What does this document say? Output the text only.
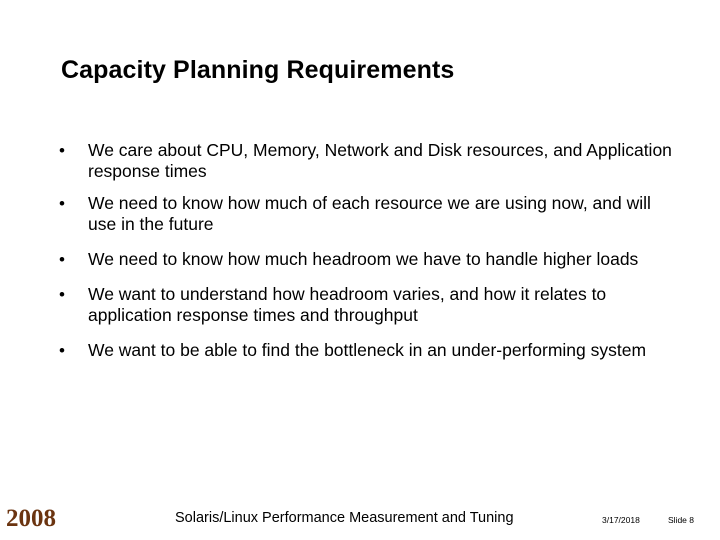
Capacity Planning Requirements
• We care about CPU, Memory, Network and Disk resources, and Application response times
• We need to know how much of each resource we are using now, and will use in the future
• We need to know how much headroom we have to handle higher loads
• We want to understand how headroom varies, and how it relates to application response times and throughput
• We want to be able to find the bottleneck in an under-performing system
2008	Solaris/Linux Performance Measurement and Tuning	3/17/2018	Slide 8
